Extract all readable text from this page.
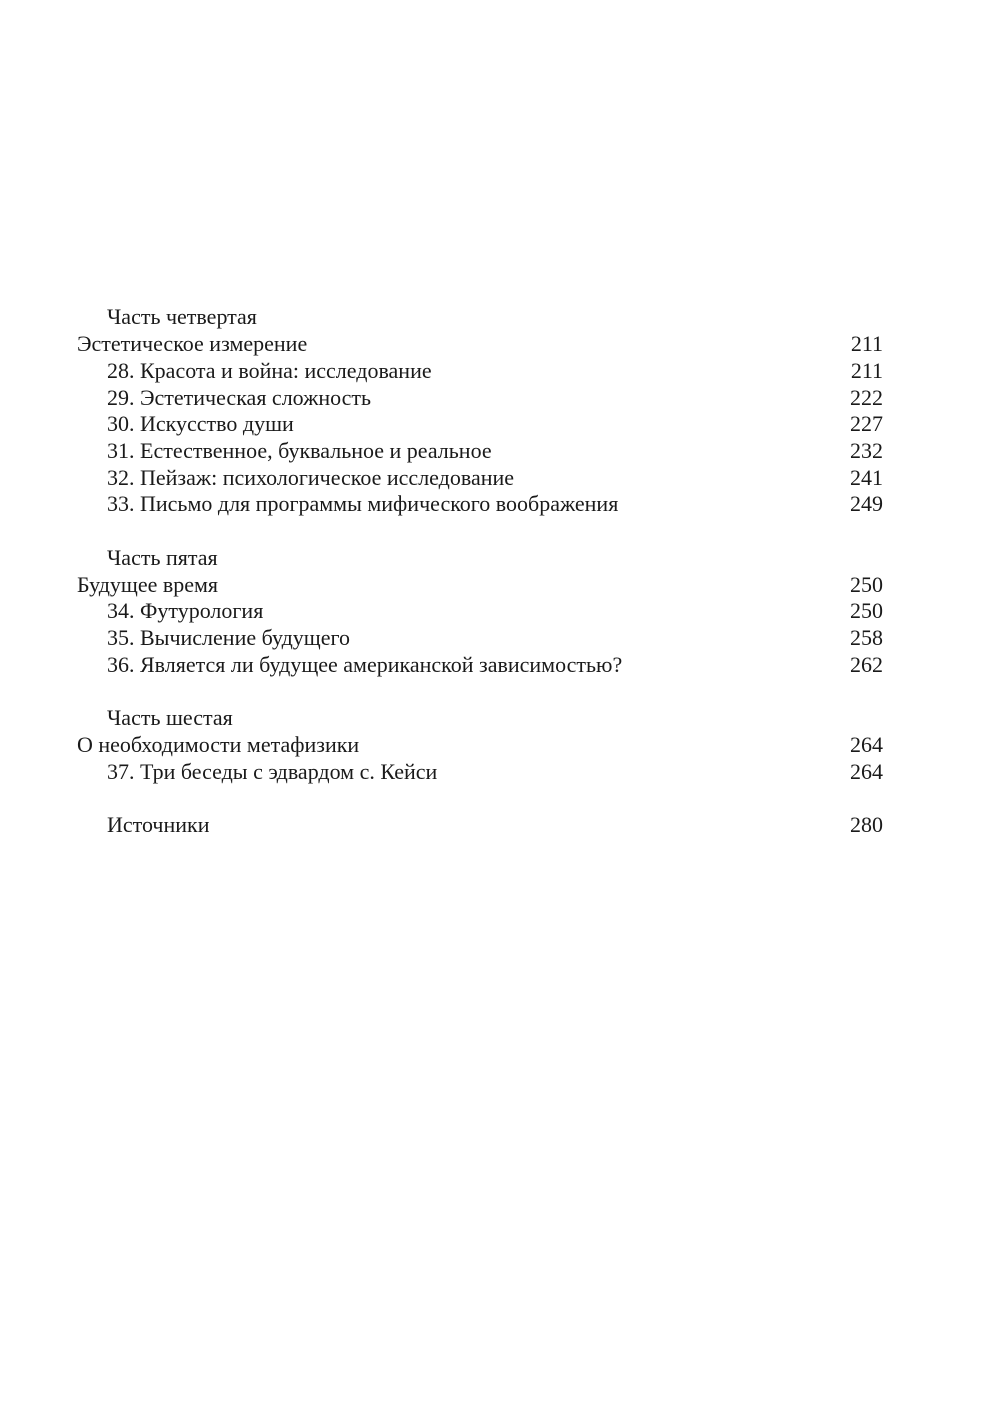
Часть четвертая
Эстетическое измерение	211
28. Красота и война: исследование	211
29. Эстетическая сложность	222
30. Искусство души	227
31. Естественное, буквальное и реальное	232
32. Пейзаж: психологическое исследование	241
33. Письмо для программы мифического воображения	249
Часть пятая
Будущее время	250
34. Футурология	250
35. Вычисление будущего	258
36. Является ли будущее американской зависимостью?	262
Часть шестая
О необходимости метафизики	264
37. Три беседы с эдвардом с. Кейси	264
Источники	280
